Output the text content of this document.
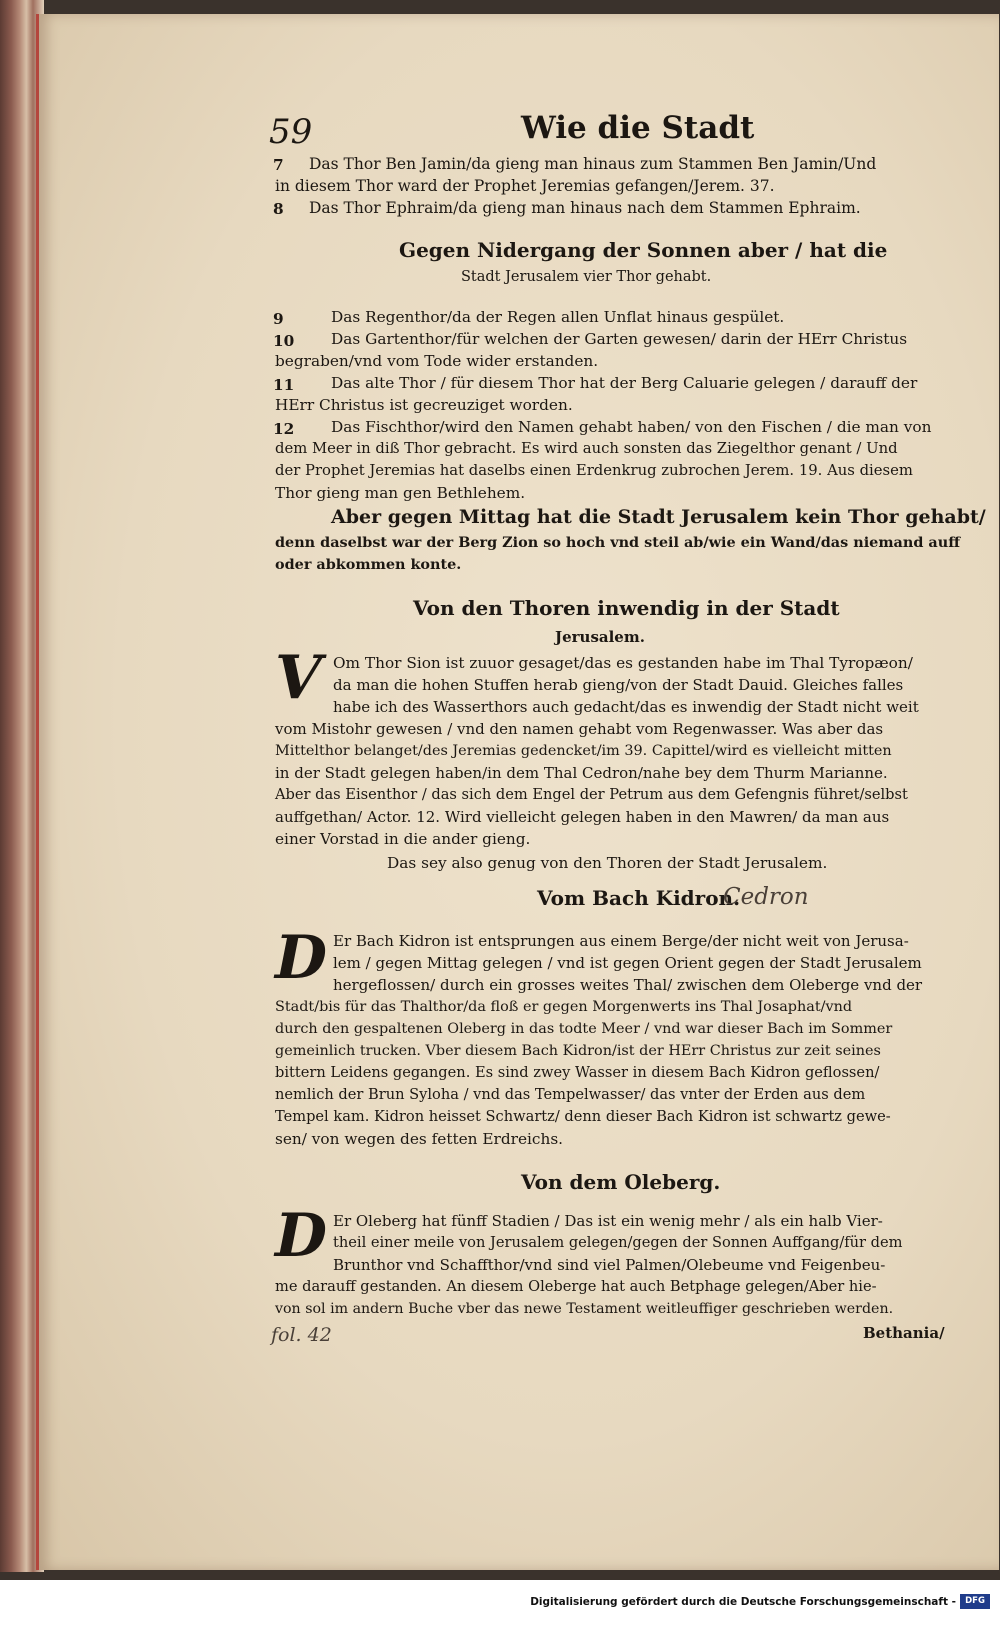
59	Wie die Stadt
7 Das Thor Ben Jamin/da gieng man hinaus zum Stammen Ben Jamin/Und
in diesem Thor ward der Prophet Jeremias gefangen/Jerem. 37.
8 Das Thor Ephraim/da gieng man hinaus nach dem Stammen Ephraim.
Gegen Nidergang der Sonnen aber / hat die
Stadt Jerusalem vier Thor gehabt.
9	Das Regenthor/da der Regen allen Unflat hinaus gespület.
10 Das Gartenthor/für welchen der Garten gewesen/ darin der HErr Christus
begraben/vnd vom Tode wider erstanden.
11 Das alte Thor / für diesem Thor hat der Berg Caluarie gelegen / darauff der
HErr Christus ist gecreuziget worden.
12 Das Fischthor/wird den Namen gehabt haben/ von den Fischen / die man von
dem Meer in diß Thor gebracht. Es wird auch sonsten das Ziegelthor genant / Und
der Prophet Jeremias hat daselbs einen Erdenkrug zubrochen Jerem. 19. Aus diesem
Thor gieng man gen Bethlehem.
Aber gegen Mittag hat die Stadt Jerusalem kein Thor gehabt/
denn daselbst war der Berg Zion so hoch vnd steil ab/wie ein Wand/das niemand auff
oder abkommen konte.
Von den Thoren inwendig in der Stadt
Jerusalem.
V Om Thor Sion ist zuuor gesaget/das es gestanden habe im Thal Tyropæon/
da man die hohen Stuffen herab gieng/von der Stadt Dauid. Gleiches falles
habe ich des Wasserthors auch gedacht/das es inwendig der Stadt nicht weit
vom Mistohr gewesen / vnd den namen gehabt vom Regenwasser. Was aber das
Mittelthor belanget/des Jeremias gedencket/im 39. Capittel/wird es vielleicht mitten
in der Stadt gelegen haben/in dem Thal Cedron/nahe bey dem Thurm Marianne.
Aber das Eisenthor / das sich dem Engel der Petrum aus dem Gefengnis führet/selbst
auffgethan/ Actor. 12. Wird vielleicht gelegen haben in den Mawren/ da man aus
einer Vorstad in die ander gieng.
Das sey also genug von den Thoren der Stadt Jerusalem.
Vom Bach Kidron.
Cedron
D Er Bach Kidron ist entsprungen aus einem Berge/der nicht weit von Jerusa-
lem / gegen Mittag gelegen / vnd ist gegen Orient gegen der Stadt Jerusalem
hergeflossen/ durch ein grosses weites Thal/ zwischen dem Oleberge vnd der
Stadt/bis für das Thalthor/da floß er gegen Morgenwerts ins Thal Josaphat/vnd
durch den gespaltenen Oleberg in das todte Meer / vnd war dieser Bach im Sommer
gemeinlich trucken. Vber diesem Bach Kidron/ist der HErr Christus zur zeit seines
bittern Leidens gegangen. Es sind zwey Wasser in diesem Bach Kidron geflossen/
nemlich der Brun Syloha / vnd das Tempelwasser/ das vnter der Erden aus dem
Tempel kam. Kidron heisset Schwartz/ denn dieser Bach Kidron ist schwartz gewe-
sen/ von wegen des fetten Erdreichs.
Von dem Oleberg.
D Er Oleberg hat fünff Stadien / Das ist ein wenig mehr / als ein halb Vier-
theil einer meile von Jerusalem gelegen/gegen der Sonnen Auffgang/für dem
Brunthor vnd Schaffthor/vnd sind viel Palmen/Olebeume vnd Feigenbeu-
me darauff gestanden. An diesem Oleberge hat auch Betphage gelegen/Aber hie-
von sol im andern Buche vber das newe Testament weitleuffiger geschrieben werden.
fol. 42	Bethania/
Digitalisierung gefördert durch die Deutsche Forschungsgemeinschaft -	DFG
